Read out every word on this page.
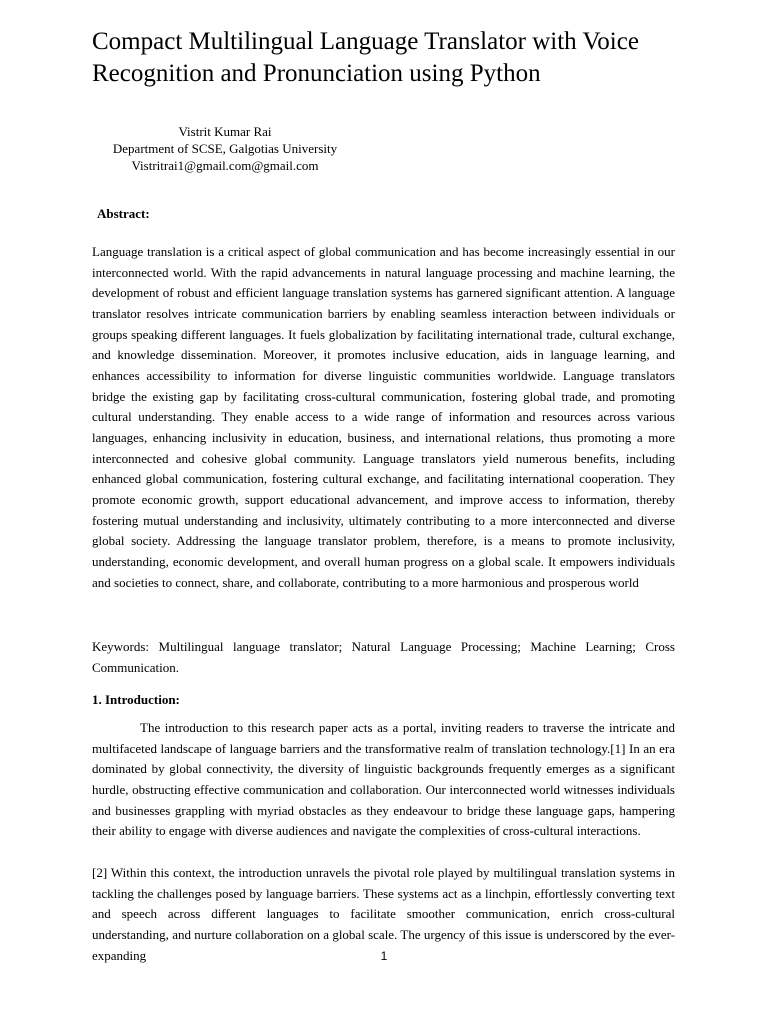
Compact Multilingual Language Translator with Voice Recognition and Pronunciation using Python
Vistrit Kumar Rai
Department of SCSE, Galgotias University
Vistritrai1@gmail.com@gmail.com
Abstract:

Language translation is a critical aspect of global communication and has become increasingly essential in our interconnected world. With the rapid advancements in natural language processing and machine learning, the development of robust and efficient language translation systems has garnered significant attention. A language translator resolves intricate communication barriers by enabling seamless interaction between individuals or groups speaking different languages. It fuels globalization by facilitating international trade, cultural exchange, and knowledge dissemination. Moreover, it promotes inclusive education, aids in language learning, and enhances accessibility to information for diverse linguistic communities worldwide. Language translators bridge the existing gap by facilitating cross-cultural communication, fostering global trade, and promoting cultural understanding. They enable access to a wide range of information and resources across various languages, enhancing inclusivity in education, business, and international relations, thus promoting a more interconnected and cohesive global community. Language translators yield numerous benefits, including enhanced global communication, fostering cultural exchange, and facilitating international cooperation. They promote economic growth, support educational advancement, and improve access to information, thereby fostering mutual understanding and inclusivity, ultimately contributing to a more interconnected and diverse global society. Addressing the language translator problem, therefore, is a means to promote inclusivity, understanding, economic development, and overall human progress on a global scale. It empowers individuals and societies to connect, share, and collaborate, contributing to a more harmonious and prosperous world

Keywords: Multilingual language translator; Natural Language Processing; Machine Learning; Cross Communication.

1. Introduction:

The introduction to this research paper acts as a portal, inviting readers to traverse the intricate and multifaceted landscape of language barriers and the transformative realm of translation technology.[1] In an era dominated by global connectivity, the diversity of linguistic backgrounds frequently emerges as a significant hurdle, obstructing effective communication and collaboration. Our interconnected world witnesses individuals and businesses grappling with myriad obstacles as they endeavour to bridge these language gaps, hampering their ability to engage with diverse audiences and navigate the complexities of cross-cultural interactions.

[2] Within this context, the introduction unravels the pivotal role played by multilingual translation systems in tackling the challenges posed by language barriers. These systems act as a linchpin, effortlessly converting text and speech across different languages to facilitate smoother communication, enrich cross-cultural understanding, and nurture collaboration on a global scale. The urgency of this issue is underscored by the ever-expanding	1
